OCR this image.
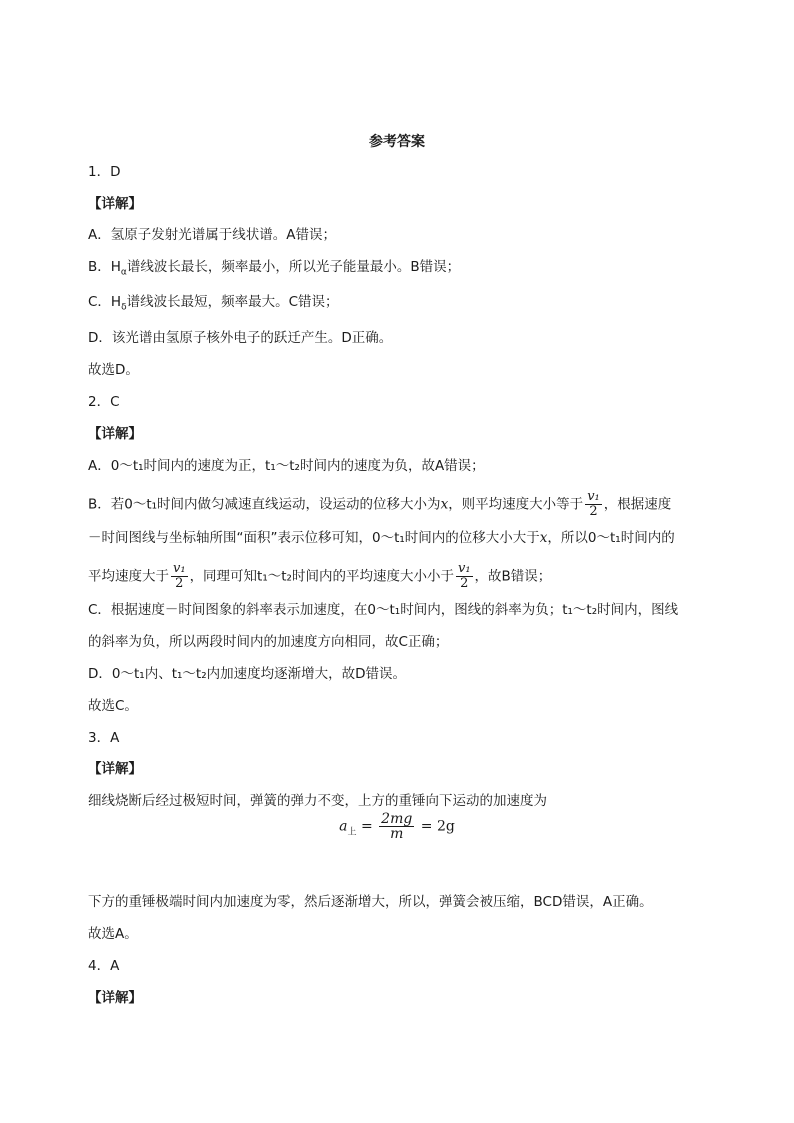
参考答案
1．D
【详解】
A．氢原子发射光谱属于线状谱。A错误；
B．$H_\alpha$谱线波长最长，频率最小，所以光子能量最小。B错误；
C．$H_\delta$谱线波长最短，频率最大。C错误；
D．该光谱由氢原子核外电子的跃迁产生。D正确。
故选D。
2．C
【详解】
A．0～t₁时间内的速度为正，t₁～t₂时间内的速度为负，故A错误；
B．若0～t₁时间内做匀减速直线运动，设运动的位移大小为x，则平均速度大小等于 $\frac{\text{v₁}}{2}$ ，根据速度
－时间图线与坐标轴所围“面积”表示位移可知，0～t₁时间内的位移大小大于x，所以0～t₁时间内的
平均速度大于 $\frac{\text{v₁}}{2}$ ，同理可知t₁～t₂时间内的平均速度大小小于 $\frac{\text{v₁}}{2}$ ，故B错误；
C．根据速度－时间图象的斜率表示加速度，在0～t₁时间内，图线的斜率为负；t₁～t₂时间内，图线
的斜率为负，所以两段时间内的加速度方向相同，故C正确；
D．0～t₁内、t₁～t₂内加速度均逐渐增大，故D错误。
故选C。
3．A
【详解】
细线烧断后经过极短时间，弹簧的弹力不变，上方的重锤向下运动的加速度为
$a_上 = \frac{2mg}{m} = 2g$
下方的重锤极端时间内加速度为零，然后逐渐增大，所以，弹簧会被压缩，BCD错误，A正确。
故选A。
4．A
【详解】
